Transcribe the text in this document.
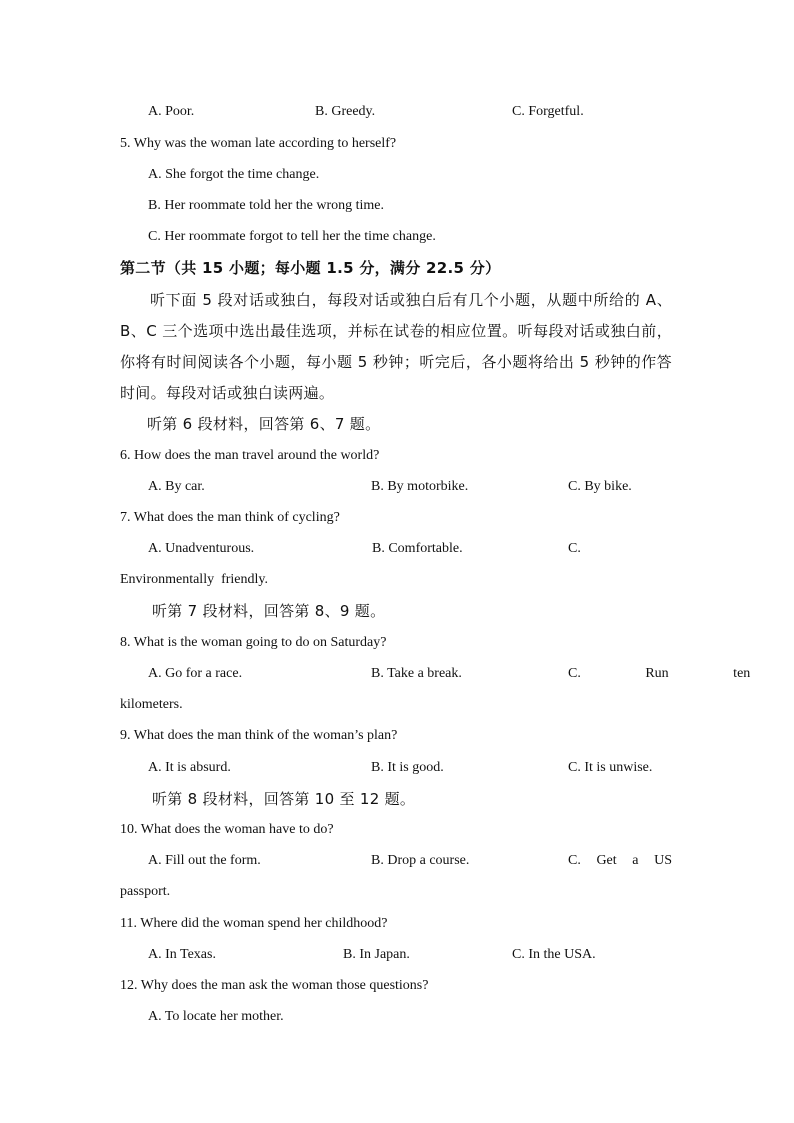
A. Poor.	B. Greedy.	C. Forgetful.
5. Why was the woman late according to herself?
A. She forgot the time change.
B. Her roommate told her the wrong time.
C. Her roommate forgot to tell her the time change.
第二节（共 15 小题；每小题 1.5 分，满分 22.5 分）
听下面 5 段对话或独白，每段对话或独白后有几个小题，从题中所给的 A、
B、C 三个选项中选出最佳选项，并标在试卷的相应位置。听每段对话或独白前，
你将有时间阅读各个小题，每小题 5 秒钟；听完后，各小题将给出 5 秒钟的作答
时间。每段对话或独白读两遍。
听第 6 段材料，回答第 6、7 题。
6. How does the man travel around the world?
A. By car.	B. By motorbike.	C. By bike.
7. What does the man think of cycling?
A. Unadventurous.	B. Comfortable.	C.
Environmentally  friendly.
听第 7 段材料，回答第 8、9 题。
8. What is the woman going to do on Saturday?
A. Go for a race.	B. Take a break.	C.   Run   ten
kilometers.
9. What does the man think of the woman’s plan?
A. It is absurd.	B. It is good.	C. It is unwise.
听第 8 段材料，回答第 10 至 12 题。
10. What does the woman have to do?
A. Fill out the form.	B. Drop a course.	C.   Get   a   US
passport.
11. Where did the woman spend her childhood?
A. In Texas.	B. In Japan.	C. In the USA.
12. Why does the man ask the woman those questions?
A. To locate her mother.
